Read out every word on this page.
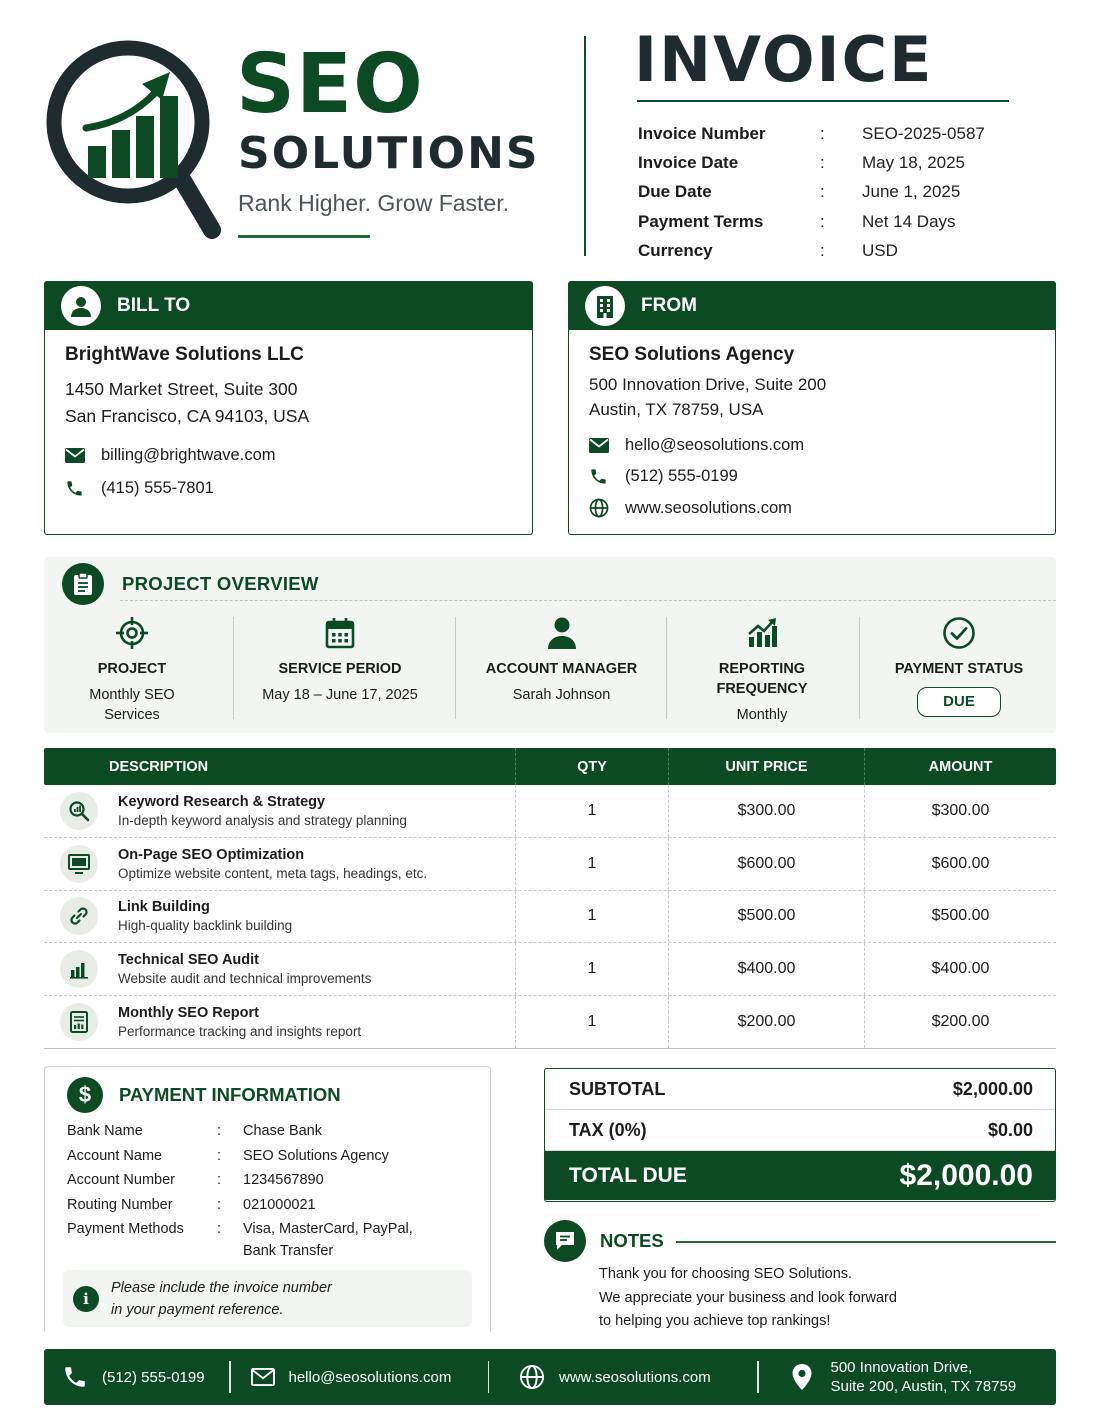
SEO
SOLUTIONS
Rank Higher. Grow Faster.
INVOICE
Invoice Number	:	SEO-2025-0587
Invoice Date	:	May 18, 2025
Due Date	:	June 1, 2025
Payment Terms	:	Net 14 Days
Currency	:	USD
BILL TO
BrightWave Solutions LLC
1450 Market Street, Suite 300
San Francisco, CA 94103, USA
billing@brightwave.com
(415) 555-7801
FROM
SEO Solutions Agency
500 Innovation Drive, Suite 200
Austin, TX 78759, USA
hello@seosolutions.com
(512) 555-0199
www.seosolutions.com
PROJECT OVERVIEW
PROJECT
Monthly SEO
Services
SERVICE PERIOD
May 18 – June 17, 2025
ACCOUNT MANAGER
Sarah Johnson
REPORTING
FREQUENCY
Monthly
PAYMENT STATUS
DUE
DESCRIPTION	QTY	UNIT PRICE	AMOUNT
Keyword Research & Strategy
In-depth keyword analysis and strategy planning
1	$300.00	$300.00
On-Page SEO Optimization
Optimize website content, meta tags, headings, etc.
1	$600.00	$600.00
Link Building
High-quality backlink building
1	$500.00	$500.00
Technical SEO Audit
Website audit and technical improvements
1	$400.00	$400.00
Monthly SEO Report
Performance tracking and insights report
1	$200.00	$200.00
$	PAYMENT INFORMATION
Bank Name	:	Chase Bank
Account Name	:	SEO Solutions Agency
Account Number	:	1234567890
Routing Number	:	021000021
Payment Methods	:	Visa, MasterCard, PayPal,
Bank Transfer
i
Please include the invoice number
in your payment reference.
SUBTOTAL	$2,000.00
TAX (0%)	$0.00
TOTAL DUE	$2,000.00
NOTES
Thank you for choosing SEO Solutions.
We appreciate your business and look forward
to helping you achieve top rankings!
(512) 555-0199	hello@seosolutions.com	www.seosolutions.com
500 Innovation Drive,
Suite 200, Austin, TX 78759
